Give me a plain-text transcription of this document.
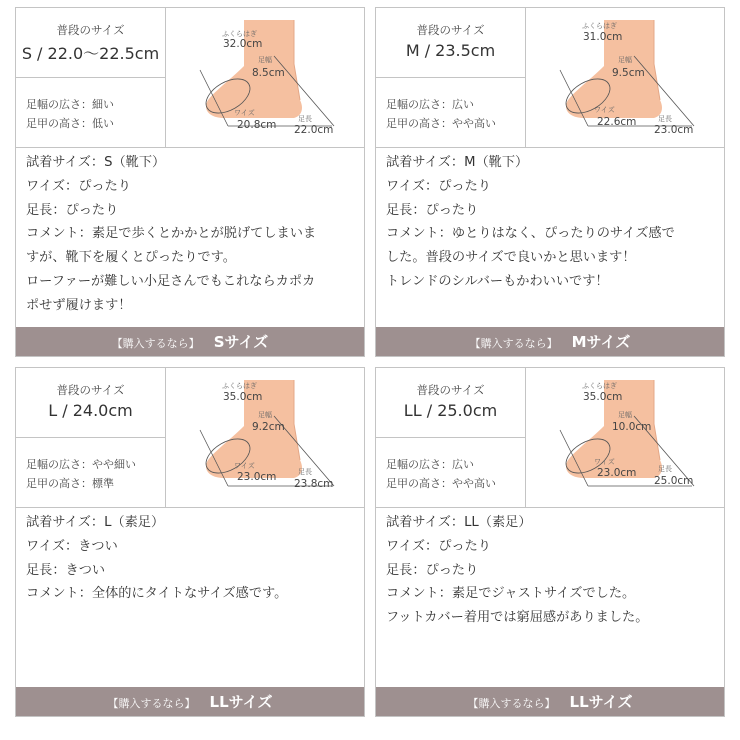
普段のサイズ
S / 22.0〜22.5cm
足幅の広さ：細い
足甲の高さ：低い
ふくらはぎ
32.0cm
足幅
8.5cm
ワイズ
20.8cm	足長
22.0cm

試着サイズ：S（靴下）

ワイズ：ぴったり

足長：ぴったり

コメント：素足で歩くとかかとが脱げてしまいま

すが、靴下を履くとぴったりです。

ローファーが難しい小足さんでもこれならカポカ

ポせず履けます！

【購入するなら】 Sサイズ
普段のサイズ
M / 23.5cm
足幅の広さ：広い
足甲の高さ：やや高い
ふくらはぎ
31.0cm
足幅
9.5cm
ワイズ
22.6cm	足長
23.0cm

試着サイズ：M（靴下）

ワイズ：ぴったり

足長：ぴったり

コメント：ゆとりはなく、ぴったりのサイズ感で

した。普段のサイズで良いかと思います！

トレンドのシルバーもかわいいです！

【購入するなら】 Mサイズ
普段のサイズ
L / 24.0cm
足幅の広さ：やや細い
足甲の高さ：標準
ふくらはぎ
35.0cm
足幅
9.2cm
ワイズ
23.0cm	足長
23.8cm

試着サイズ：L（素足）

ワイズ：きつい

足長：きつい

コメント：全体的にタイトなサイズ感です。

【購入するなら】 LLサイズ
普段のサイズ
LL / 25.0cm
足幅の広さ：広い
足甲の高さ：やや高い
ふくらはぎ
35.0cm
足幅
10.0cm
ワイズ
23.0cm	足長
25.0cm

試着サイズ：LL（素足）

ワイズ：ぴったり

足長：ぴったり

コメント：素足でジャストサイズでした。

フットカバー着用では窮屈感がありました。

【購入するなら】 LLサイズ
